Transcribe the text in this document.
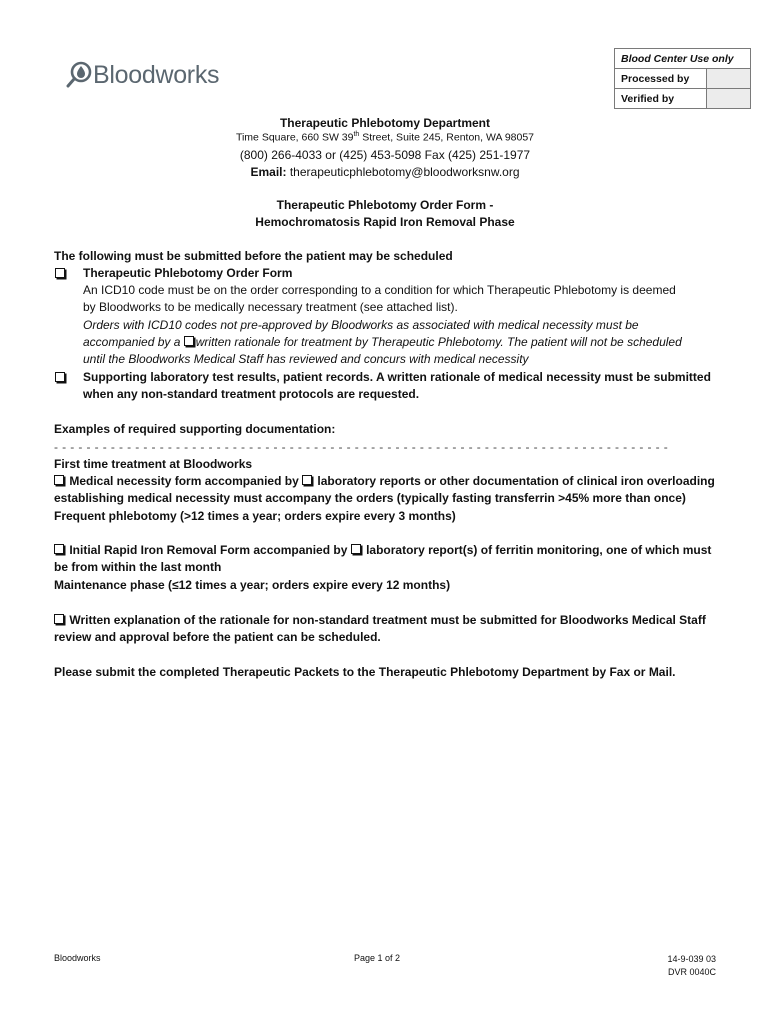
Bloodworks
Blood Center Use only	
Processed by	
Verified by	
Therapeutic Phlebotomy Department
Time Square, 660 SW 39th Street, Suite 245, Renton, WA 98057
(800) 266-4033 or (425) 453-5098 Fax (425) 251-1977
Email: therapeuticphlebotomy@bloodworksnw.org
Therapeutic Phlebotomy Order Form -
Hemochromatosis Rapid Iron Removal Phase
The following must be submitted before the patient may be scheduled
Therapeutic Phlebotomy Order Form
An ICD10 code must be on the order corresponding to a condition for which Therapeutic Phlebotomy is deemed
by Bloodworks to be medically necessary treatment (see attached list).
Orders with ICD10 codes not pre-approved by Bloodworks as associated with medical necessity must be
accompanied by a written rationale for treatment by Therapeutic Phlebotomy. The patient will not be scheduled
until the Bloodworks Medical Staff has reviewed and concurs with medical necessity
Supporting laboratory test results, patient records. A written rationale of medical necessity must be submitted
when any non-standard treatment protocols are requested.
Examples of required supporting documentation:
- - - - - - - - - - - - - - - - - - - - - - - - - - - - - - - - - - - - - - - - - - - - - - - - - - - - - - - - - - - - - - - - - - - - - - - - - - - -
First time treatment at Bloodworks
Medical necessity form accompanied by  laboratory reports or other documentation of clinical iron overloading
establishing medical necessity must accompany the orders (typically fasting transferrin >45% more than once)
Frequent phlebotomy (>12 times a year; orders expire every 3 months)
Initial Rapid Iron Removal Form accompanied by  laboratory report(s) of ferritin monitoring, one of which must
be from within the last month
Maintenance phase (≤12 times a year; orders expire every 12 months)
Written explanation of the rationale for non-standard treatment must be submitted for Bloodworks Medical Staff
review and approval before the patient can be scheduled.
Please submit the completed Therapeutic Packets to the Therapeutic Phlebotomy Department by Fax or Mail.
Bloodworks	Page 1 of 2	14-9-039 03
DVR 0040C
